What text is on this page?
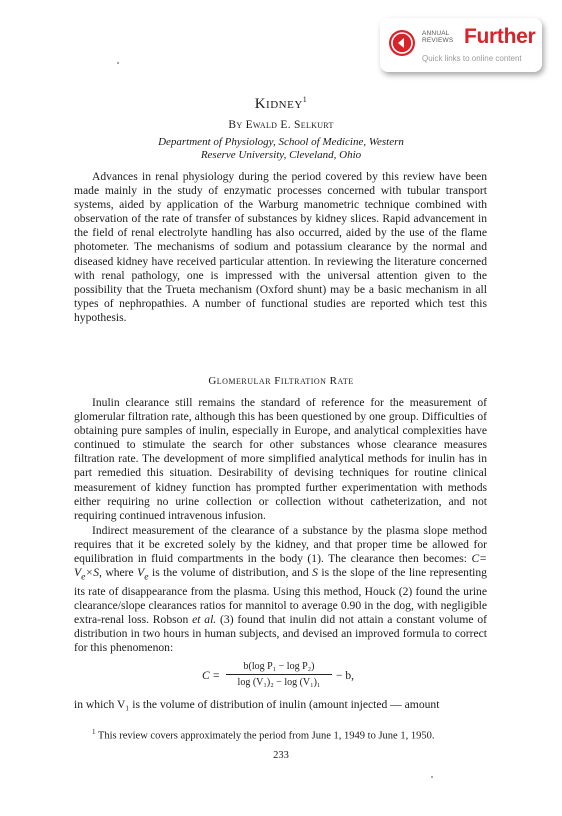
ANNUAL
REVIEWS Further
Quick links to online content
Kidney$^1$
By Ewald E. Selkurt
Department of Physiology, School of Medicine, Western
Reserve University, Cleveland, Ohio

Advances in renal physiology during the period covered by this review have been made mainly in the study of enzymatic processes concerned with tubular transport systems, aided by application of the Warburg manometric technique combined with observation of the rate of transfer of substances by kidney slices. Rapid advancement in the field of renal electrolyte handling has also occurred, aided by the use of the flame photometer. The mechanisms of sodium and potassium clearance by the normal and diseased kidney have received particular attention. In reviewing the literature concerned with renal pathology, one is impressed with the universal attention given to the possibility that the Trueta mechanism (Oxford shunt) may be a basic mechanism in all types of nephropathies. A number of functional studies are reported which test this hypothesis.

Glomerular Filtration Rate

Inulin clearance still remains the standard of reference for the measurement of glomerular filtration rate, although this has been questioned by one group. Difficulties of obtaining pure samples of inulin, especially in Europe, and analytical complexities have continued to stimulate the search for other substances whose clearance measures filtration rate. The development of more simplified analytical methods for inulin has in part remedied this situation. Desirability of devising techniques for routine clinical measurement of kidney function has prompted further experimentation with methods either requiring no urine collection or collection without catheterization, and not requiring continued intravenous infusion.

Indirect measurement of the clearance of a substance by the plasma slope method requires that it be excreted solely by the kidney, and that proper time be allowed for equilibration in fluid compartments in the body (1). The clearance then becomes: $C= V_e\times S$, where $V_e$ is the volume of distribution, and S is the slope of the line representing its rate of disappearance from the plasma. Using this method, Houck (2) found the urine clearance/slope clearances ratios for mannitol to average 0.90 in the dog, with negligible extra-renal loss. Robson et al. (3) found that inulin did not attain a constant volume of distribution in two hours in human subjects, and devised an improved formula to correct for this phenomenon:

C =
b(log P₁ − log P₂)
log (V₁)₂ − log (V₁)₁
− b,

in which V₁ is the volume of distribution of inulin (amount injected — amount

$^1$ This review covers approximately the period from June 1, 1949 to June 1, 1950.

233
